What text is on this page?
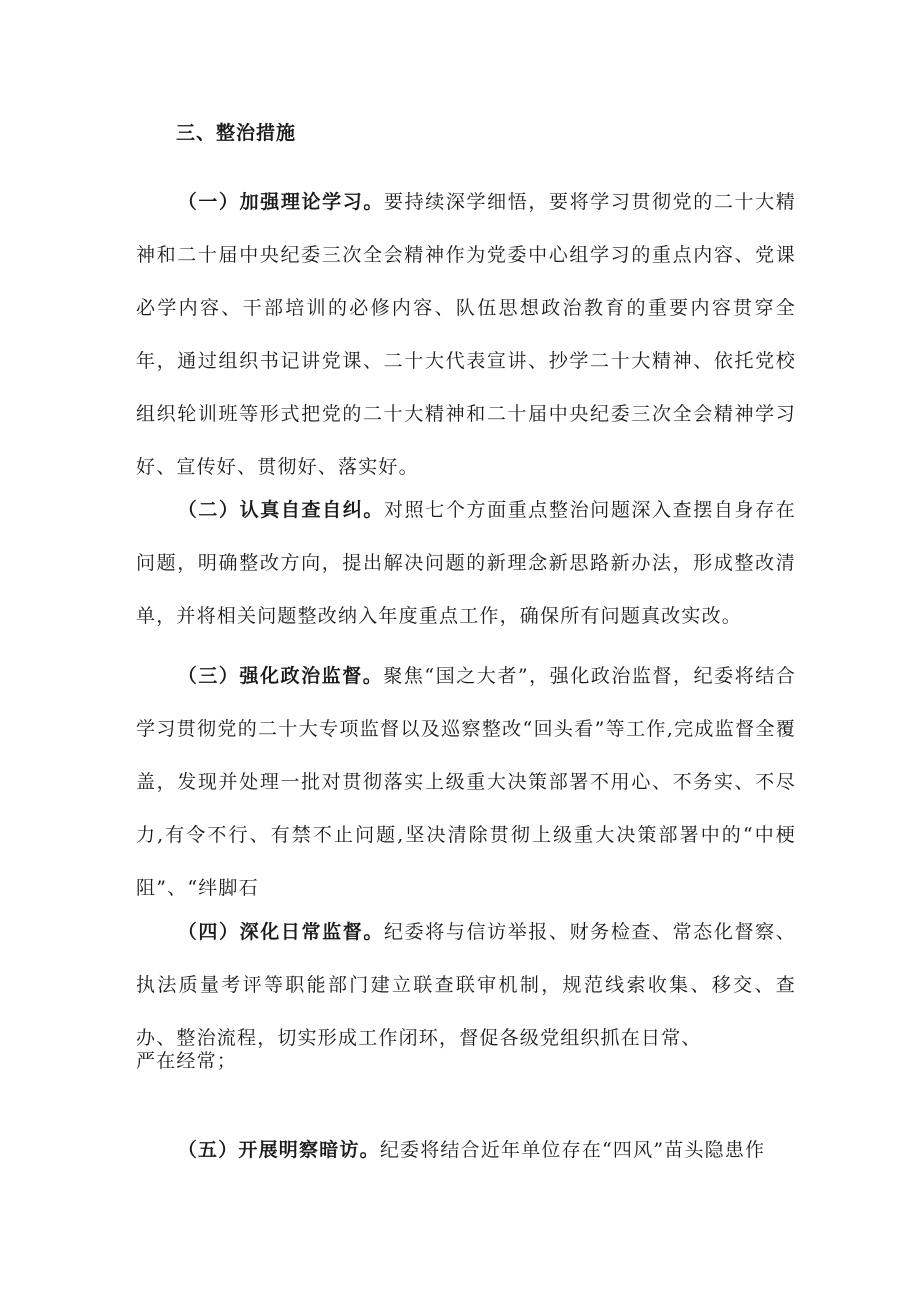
三、整治措施

（一）加强理论学习。要持续深学细悟，要将学习贯彻党的二十大精神和二十届中央纪委三次全会精神作为党委中心组学习的重点内容、党课必学内容、干部培训的必修内容、队伍思想政治教育的重要内容贯穿全年，通过组织书记讲党课、二十大代表宣讲、抄学二十大精神、依托党校组织轮训班等形式把党的二十大精神和二十届中央纪委三次全会精神学习好、宣传好、贯彻好、落实好。

（二）认真自查自纠。对照七个方面重点整治问题深入查摆自身存在问题，明确整改方向，提出解决问题的新理念新思路新办法，形成整改清单，并将相关问题整改纳入年度重点工作，确保所有问题真改实改。

（三）强化政治监督。聚焦“国之大者”，强化政治监督，纪委将结合学习贯彻党的二十大专项监督以及巡察整改“回头看”等工作,完成监督全覆盖，发现并处理一批对贯彻落实上级重大决策部署不用心、不务实、不尽力,有令不行、有禁不止问题,坚决清除贯彻上级重大决策部署中的“中梗阻”、“绊脚石

（四）深化日常监督。纪委将与信访举报、财务检查、常态化督察、执法质量考评等职能部门建立联查联审机制，规范线索收集、移交、查办、整治流程，切实形成工作闭环，督促各级党组织抓在日常、

严在经常；

（五）开展明察暗访。纪委将结合近年单位存在“四风”苗头隐患作
